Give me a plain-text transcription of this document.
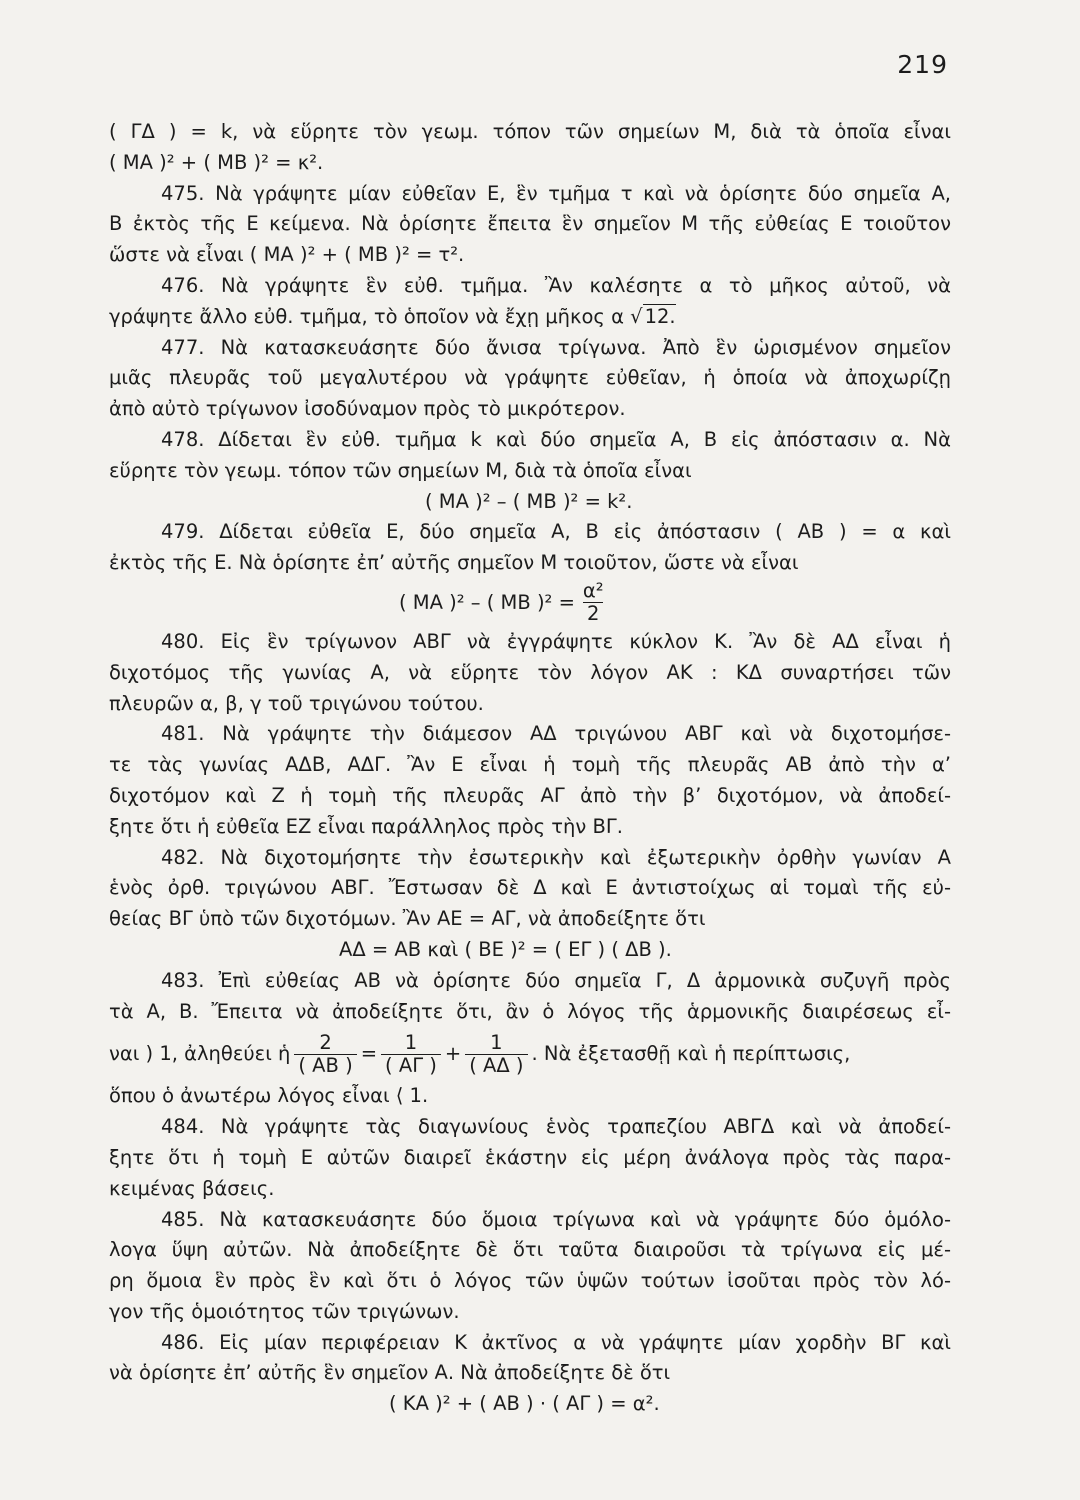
219
( ΓΔ ) = k, νὰ εὕρητε τὸν γεωμ. τόπον τῶν σημείων Μ, διὰ τὰ ὁποῖα εἶναι
( ΜΑ )² + ( ΜΒ )² = κ².
475. Νὰ γράψητε μίαν εὐθεῖαν Ε, ἓν τμῆμα τ καὶ νὰ ὁρίσητε δύο σημεῖα Α,
Β ἐκτὸς τῆς Ε κείμενα. Νὰ ὁρίσητε ἔπειτα ἓν σημεῖον Μ τῆς εὐθείας Ε τοιοῦτον
ὥστε νὰ εἶναι ( ΜΑ )² + ( ΜΒ )² = τ².
476. Νὰ γράψητε ἓν εὐθ. τμῆμα. Ἂν καλέσητε α τὸ μῆκος αὐτοῦ, νὰ
γράψητε ἄλλο εὐθ. τμῆμα, τὸ ὁποῖον νὰ ἔχῃ μῆκος α √ 12.
477. Νὰ κατασκευάσητε δύο ἄνισα τρίγωνα. Ἀπὸ ἓν ὡρισμένον σημεῖον
μιᾶς πλευρᾶς τοῦ μεγαλυτέρου νὰ γράψητε εὐθεῖαν, ἡ ὁποία νὰ ἀποχωρίζῃ
ἀπὸ αὐτὸ τρίγωνον ἰσοδύναμον πρὸς τὸ μικρότερον.
478. Δίδεται ἓν εὐθ. τμῆμα k καὶ δύο σημεῖα Α, Β εἰς ἀπόστασιν α. Νὰ
εὕρητε τὸν γεωμ. τόπον τῶν σημείων Μ, διὰ τὰ ὁποῖα εἶναι
( ΜΑ )² – ( ΜΒ )² = k².
479. Δίδεται εὐθεῖα Ε, δύο σημεῖα Α, Β εἰς ἀπόστασιν ( ΑΒ ) = α καὶ
ἐκτὸς τῆς Ε. Νὰ ὁρίσητε ἐπ’ αὐτῆς σημεῖον Μ τοιοῦτον, ὥστε νὰ εἶναι
( ΜΑ )² – ( ΜΒ )$^2 = \frac{\text{α²}}{2}$
480. Εἰς ἓν τρίγωνον ΑΒΓ νὰ ἐγγράψητε κύκλον Κ. Ἂν δὲ ΑΔ εἶναι ἡ
διχοτόμος τῆς γωνίας Α, νὰ εὕρητε τὸν λόγον ΑΚ : ΚΔ συναρτήσει τῶν
πλευρῶν α, β, γ τοῦ τριγώνου τούτου.
481. Νὰ γράψητε τὴν διάμεσον ΑΔ τριγώνου ΑΒΓ καὶ νὰ διχοτομήσε-
τε τὰς γωνίας ΑΔΒ, ΑΔΓ. Ἂν Ε εἶναι ἡ τομὴ τῆς πλευρᾶς ΑΒ ἀπὸ τὴν α’
διχοτόμον καὶ Ζ ἡ τομὴ τῆς πλευρᾶς ΑΓ ἀπὸ τὴν β’ διχοτόμον, νὰ ἀποδεί-
ξητε ὅτι ἡ εὐθεῖα ΕΖ εἶναι παράλληλος πρὸς τὴν ΒΓ.
482. Νὰ διχοτομήσητε τὴν ἐσωτερικὴν καὶ ἐξωτερικὴν ὀρθὴν γωνίαν Α
ἑνὸς ὀρθ. τριγώνου ΑΒΓ. Ἔστωσαν δὲ Δ καὶ Ε ἀντιστοίχως αἱ τομαὶ τῆς εὐ-
θείας ΒΓ ὑπὸ τῶν διχοτόμων. Ἂν ΑΕ = ΑΓ, νὰ ἀποδείξητε ὅτι
ΑΔ = ΑΒ καὶ ( ΒΕ )² = ( ΕΓ ) ( ΔΒ ).
483. Ἐπὶ εὐθείας ΑΒ νὰ ὁρίσητε δύο σημεῖα Γ, Δ ἁρμονικὰ συζυγῆ πρὸς
τὰ Α, Β. Ἔπειτα νὰ ἀποδείξητε ὅτι, ἂν ὁ λόγος τῆς ἁρμονικῆς διαιρέσεως εἶ-
ναι ) 1, ἀληθεύει ἡ $\frac{2}{( AB )} = \frac{1}{( A\Gamma )} + \frac{1}{( A\Delta )}$ . Νὰ ἐξετασθῇ καὶ ἡ περίπτωσις,
ὅπου ὁ ἀνωτέρω λόγος εἶναι ⟨ 1.
484. Νὰ γράψητε τὰς διαγωνίους ἑνὸς τραπεζίου ΑΒΓΔ καὶ νὰ ἀποδεί-
ξητε ὅτι ἡ τομὴ Ε αὐτῶν διαιρεῖ ἑκάστην εἰς μέρη ἀνάλογα πρὸς τὰς παρα-
κειμένας βάσεις.
485. Νὰ κατασκευάσητε δύο ὅμοια τρίγωνα καὶ νὰ γράψητε δύο ὁμόλο-
λογα ὕψη αὐτῶν. Νὰ ἀποδείξητε δὲ ὅτι ταῦτα διαιροῦσι τὰ τρίγωνα εἰς μέ-
ρη ὅμοια ἓν πρὸς ἓν καὶ ὅτι ὁ λόγος τῶν ὑψῶν τούτων ἰσοῦται πρὸς τὸν λό-
γον τῆς ὁμοιότητος τῶν τριγώνων.
486. Εἰς μίαν περιφέρειαν Κ ἀκτῖνος α νὰ γράψητε μίαν χορδὴν ΒΓ καὶ
νὰ ὁρίσητε ἐπ’ αὐτῆς ἓν σημεῖον Α. Νὰ ἀποδείξητε δὲ ὅτι
( ΚΑ )² + ( ΑΒ ) · ( ΑΓ ) = α².
